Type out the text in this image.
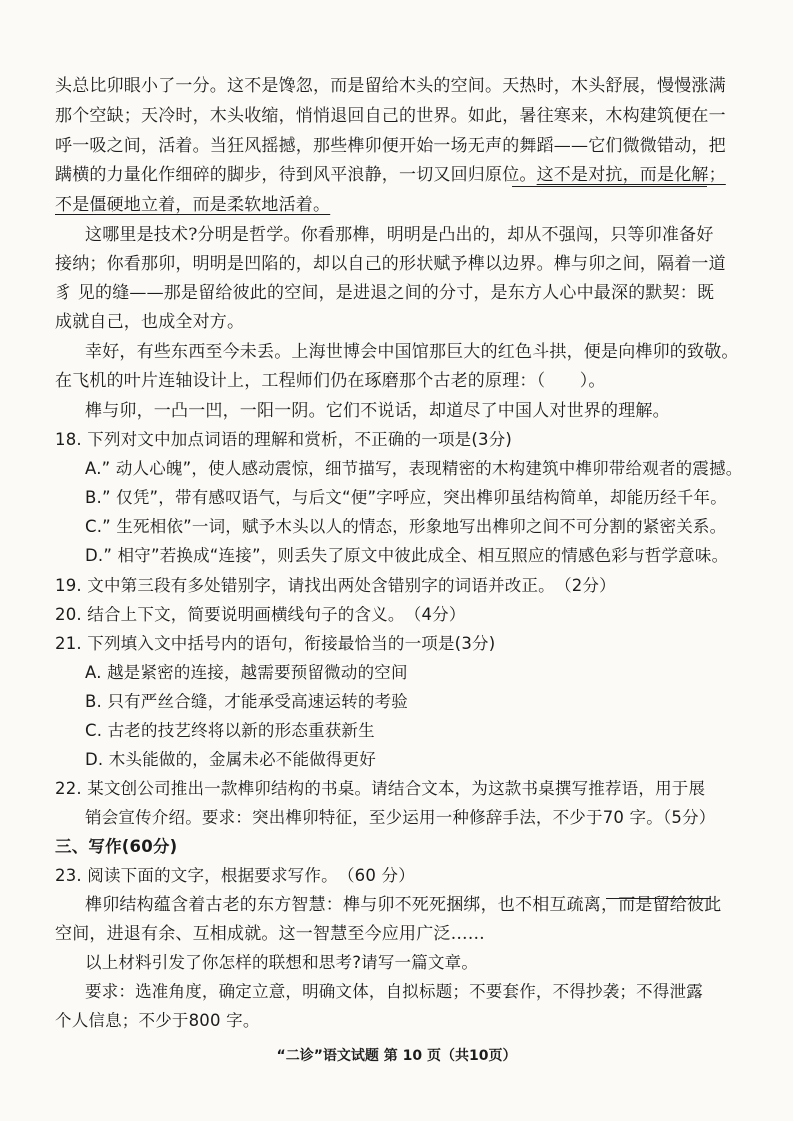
头总比卯眼小了一分。这不是馋忽，而是留给木头的空间。天热时，木头舒展，慢慢涨满
那个空缺；天冷时，木头收缩，悄悄退回自己的世界。如此，暑往寒来，木构建筑便在一
呼一吸之间，活着。当狂风摇撼，那些榫卯便开始一场无声的舞蹈——它们微微错动，把
蹒横的力量化作细碎的脚步，待到风平浪静，一切又回归原位。这不是对抗，而是化解；
不是僵硬地立着，而是柔软地活着。
这哪里是技术?分明是哲学。你看那榫，明明是凸出的，却从不强闯，只等卯准备好
接纳；你看那卯，明明是凹陷的，却以自己的形状赋予榫以边界。榫与卯之间，隔着一道
豸 见的缝——那是留给彼此的空间，是进退之间的分寸，是东方人心中最深的默契：既
成就自己，也成全对方。
幸好，有些东西至今未丢。上海世博会中国馆那巨大的红色斗拱，便是向榫卯的致敬。
在飞机的叶片连轴设计上，工程师们仍在琢磨那个古老的原理：（　　）。
榫与卯，一凸一凹，一阳一阴。它们不说话，却道尽了中国人对世界的理解。
18. 下列对文中加点词语的理解和赏析，不正确的一项是(3分)
A.” 动人心魄”，使人感动震惊，细节描写，表现精密的木构建筑中榫卯带给观者的震撼。
B.” 仅凭”，带有感叹语气，与后文“便”字呼应，突出榫卯虽结构简单，却能历经千年。
C.” 生死相依”一词，赋予木头以人的情态，形象地写出榫卯之间不可分割的紧密关系。
D.” 相守”若换成“连接”，则丢失了原文中彼此成全、相互照应的情感色彩与哲学意味。
19. 文中第三段有多处错别字，请找出两处含错别字的词语并改正。　（2分）
20. 结合上下文，简要说明画横线句子的含义。　（4分）
21. 下列填入文中括号内的语句，衔接最恰当的一项是(3分)
A. 越是紧密的连接，越需要预留微动的空间
B. 只有严丝合缝，才能承受高速运转的考验
C. 古老的技艺终将以新的形态重获新生
D. 木头能做的，金属未必不能做得更好
22. 某文创公司推出一款榫卯结构的书桌。请结合文本，为这款书桌撰写推荐语，用于展
销会宣传介绍。要求：突出榫卯特征，至少运用一种修辞手法，不少于70 字。（5分）
三、写作(60分)
23. 阅读下面的文字，根据要求写作。　（60 分）
榫卯结构蕴含着古老的东方智慧：榫与卯不死死捆绑，也不相互疏离，而是留给彼此
空间，进退有余、互相成就。这一智慧至今应用广泛……
以上材料引发了你怎样的联想和思考?请写一篇文章。
要求：选准角度，确定立意，明确文体，自拟标题；不要套作，不得抄袭；不得泄露
个人信息；不少于800 字。
“二诊”语文试题 第 10 页（共10页）
